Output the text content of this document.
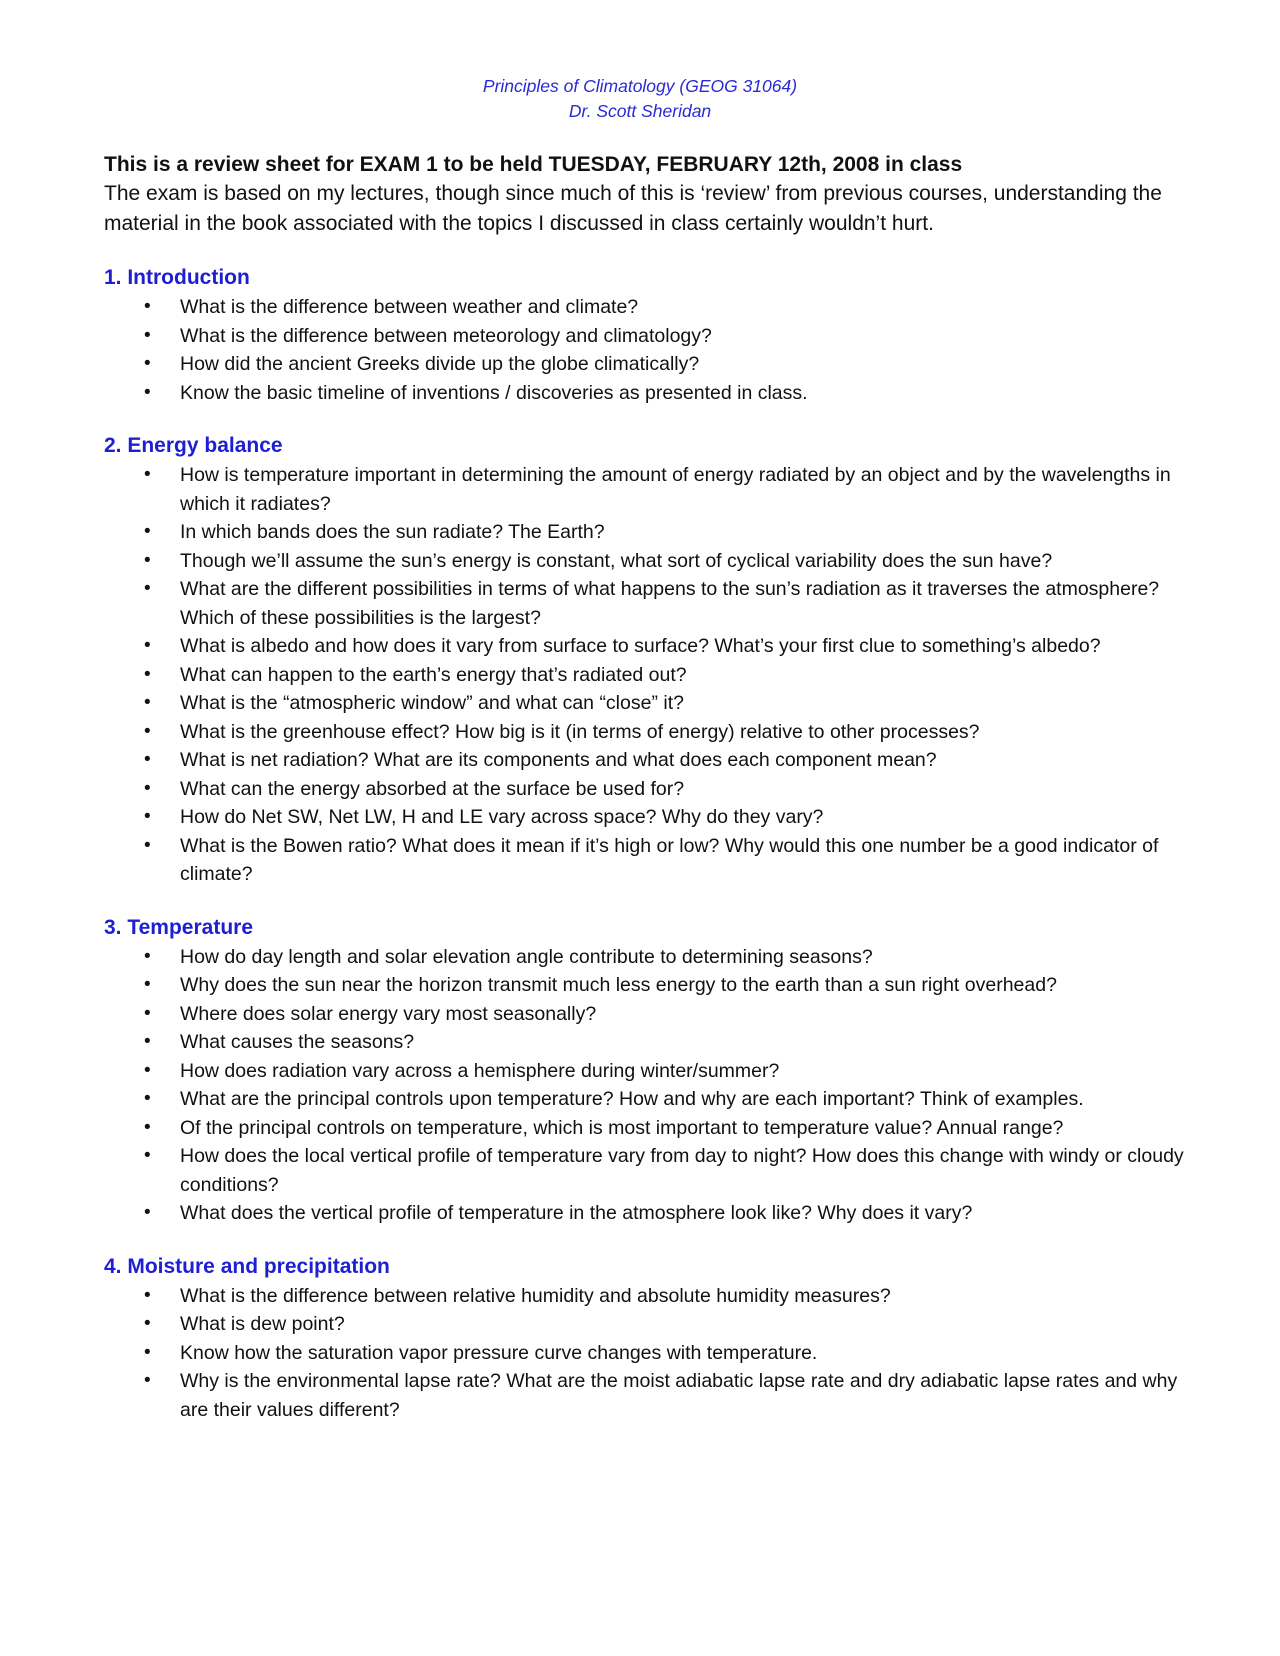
Principles of Climatology (GEOG 31064)
Dr. Scott Sheridan

This is a review sheet for EXAM 1 to be held TUESDAY, FEBRUARY 12th, 2008 in class

The exam is based on my lectures, though since much of this is ‘review’ from previous courses, understanding the material in the book associated with the topics I discussed in class certainly wouldn’t hurt.

1. Introduction
• What is the difference between weather and climate?
• What is the difference between meteorology and climatology?
• How did the ancient Greeks divide up the globe climatically?
• Know the basic timeline of inventions / discoveries as presented in class.
2. Energy balance
• How is temperature important in determining the amount of energy radiated by an object and by the wavelengths in which it radiates?
• In which bands does the sun radiate? The Earth?
• Though we’ll assume the sun’s energy is constant, what sort of cyclical variability does the sun have?
• What are the different possibilities in terms of what happens to the sun’s radiation as it traverses the atmosphere? Which of these possibilities is the largest?
• What is albedo and how does it vary from surface to surface? What’s your first clue to something’s albedo?
• What can happen to the earth’s energy that’s radiated out?
• What is the “atmospheric window” and what can “close” it?
• What is the greenhouse effect? How big is it (in terms of energy) relative to other processes?
• What is net radiation? What are its components and what does each component mean?
• What can the energy absorbed at the surface be used for?
• How do Net SW, Net LW, H and LE vary across space? Why do they vary?
• What is the Bowen ratio? What does it mean if it’s high or low? Why would this one number be a good indicator of climate?
3. Temperature
• How do day length and solar elevation angle contribute to determining seasons?
• Why does the sun near the horizon transmit much less energy to the earth than a sun right overhead?
• Where does solar energy vary most seasonally?
• What causes the seasons?
• How does radiation vary across a hemisphere during winter/summer?
• What are the principal controls upon temperature? How and why are each important? Think of examples.
• Of the principal controls on temperature, which is most important to temperature value? Annual range?
• How does the local vertical profile of temperature vary from day to night? How does this change with windy or cloudy conditions?
• What does the vertical profile of temperature in the atmosphere look like? Why does it vary?
4. Moisture and precipitation
• What is the difference between relative humidity and absolute humidity measures?
• What is dew point?
• Know how the saturation vapor pressure curve changes with temperature.
• Why is the environmental lapse rate? What are the moist adiabatic lapse rate and dry adiabatic lapse rates and why are their values different?
